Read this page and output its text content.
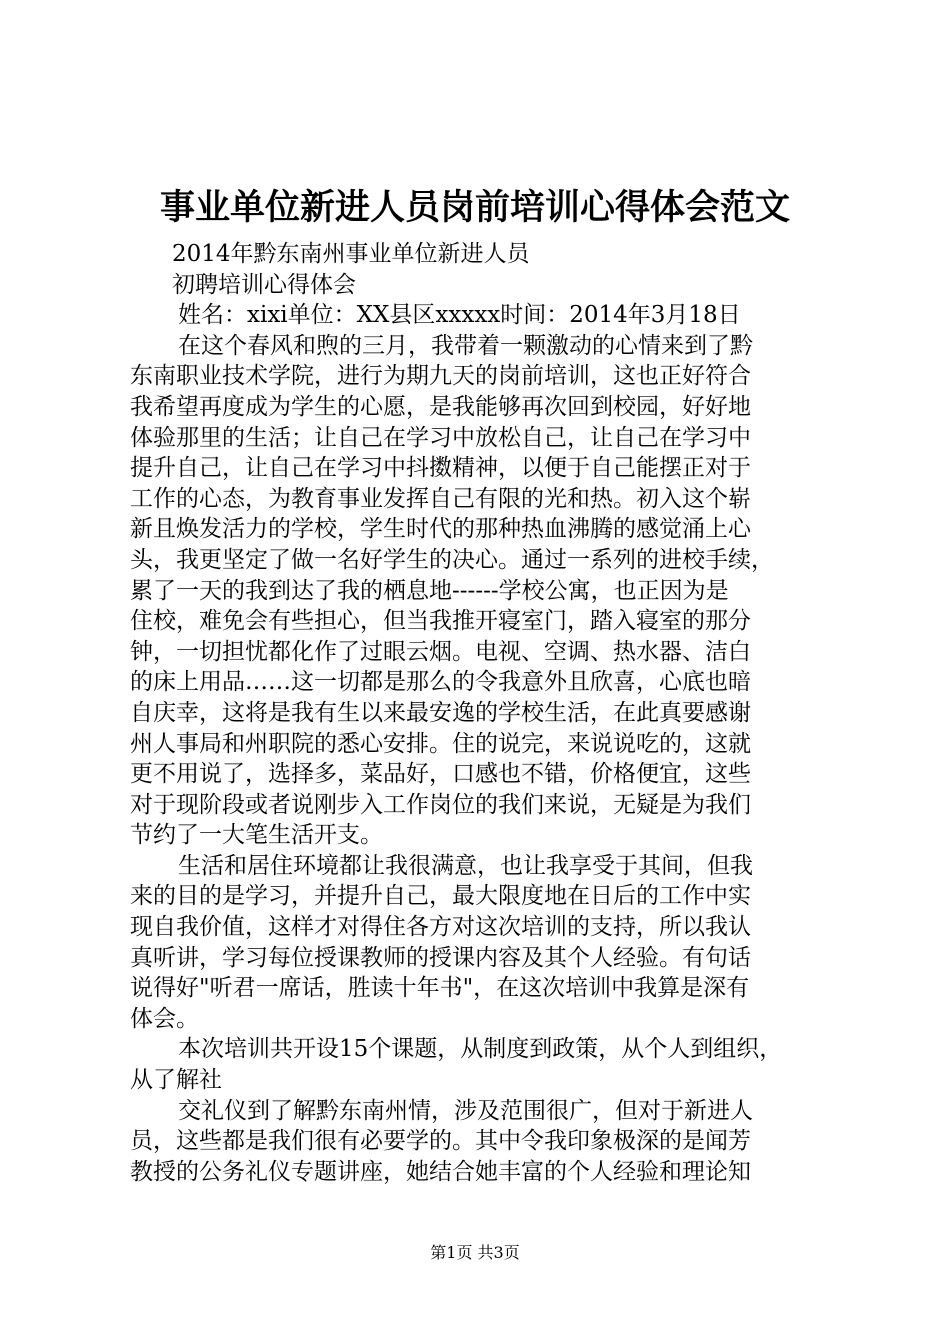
事业单位新进人员岗前培训心得体会范文
2014年黔东南州事业单位新进人员
初聘培训心得体会
姓名：xixi单位：XX县区xxxxx时间：2014年3月18日
在这个春风和煦的三月，我带着一颗激动的心情来到了黔
东南职业技术学院，进行为期九天的岗前培训，这也正好符合
我希望再度成为学生的心愿，是我能够再次回到校园，好好地
体验那里的生活；让自己在学习中放松自己，让自己在学习中
提升自己，让自己在学习中抖擞精神，以便于自己能摆正对于
工作的心态，为教育事业发挥自己有限的光和热。初入这个崭
新且焕发活力的学校，学生时代的那种热血沸腾的感觉涌上心
头，我更坚定了做一名好学生的决心。通过一系列的进校手续，
累了一天的我到达了我的栖息地------学校公寓，也正因为是
住校，难免会有些担心，但当我推开寝室门，踏入寝室的那分
钟，一切担忧都化作了过眼云烟。电视、空调、热水器、洁白
的床上用品……这一切都是那么的令我意外且欣喜，心底也暗
自庆幸，这将是我有生以来最安逸的学校生活，在此真要感谢
州人事局和州职院的悉心安排。住的说完，来说说吃的，这就
更不用说了，选择多，菜品好，口感也不错，价格便宜，这些
对于现阶段或者说刚步入工作岗位的我们来说，无疑是为我们
节约了一大笔生活开支。
生活和居住环境都让我很满意，也让我享受于其间，但我
来的目的是学习，并提升自己，最大限度地在日后的工作中实
现自我价值，这样才对得住各方对这次培训的支持，所以我认
真听讲，学习每位授课教师的授课内容及其个人经验。有句话
说得好"听君一席话，胜读十年书"，在这次培训中我算是深有
体会。
本次培训共开设15个课题，从制度到政策，从个人到组织，
从了解社
交礼仪到了解黔东南州情，涉及范围很广，但对于新进人
员，这些都是我们很有必要学的。其中令我印象极深的是闻芳
教授的公务礼仪专题讲座，她结合她丰富的个人经验和理论知
第1页 共3页
